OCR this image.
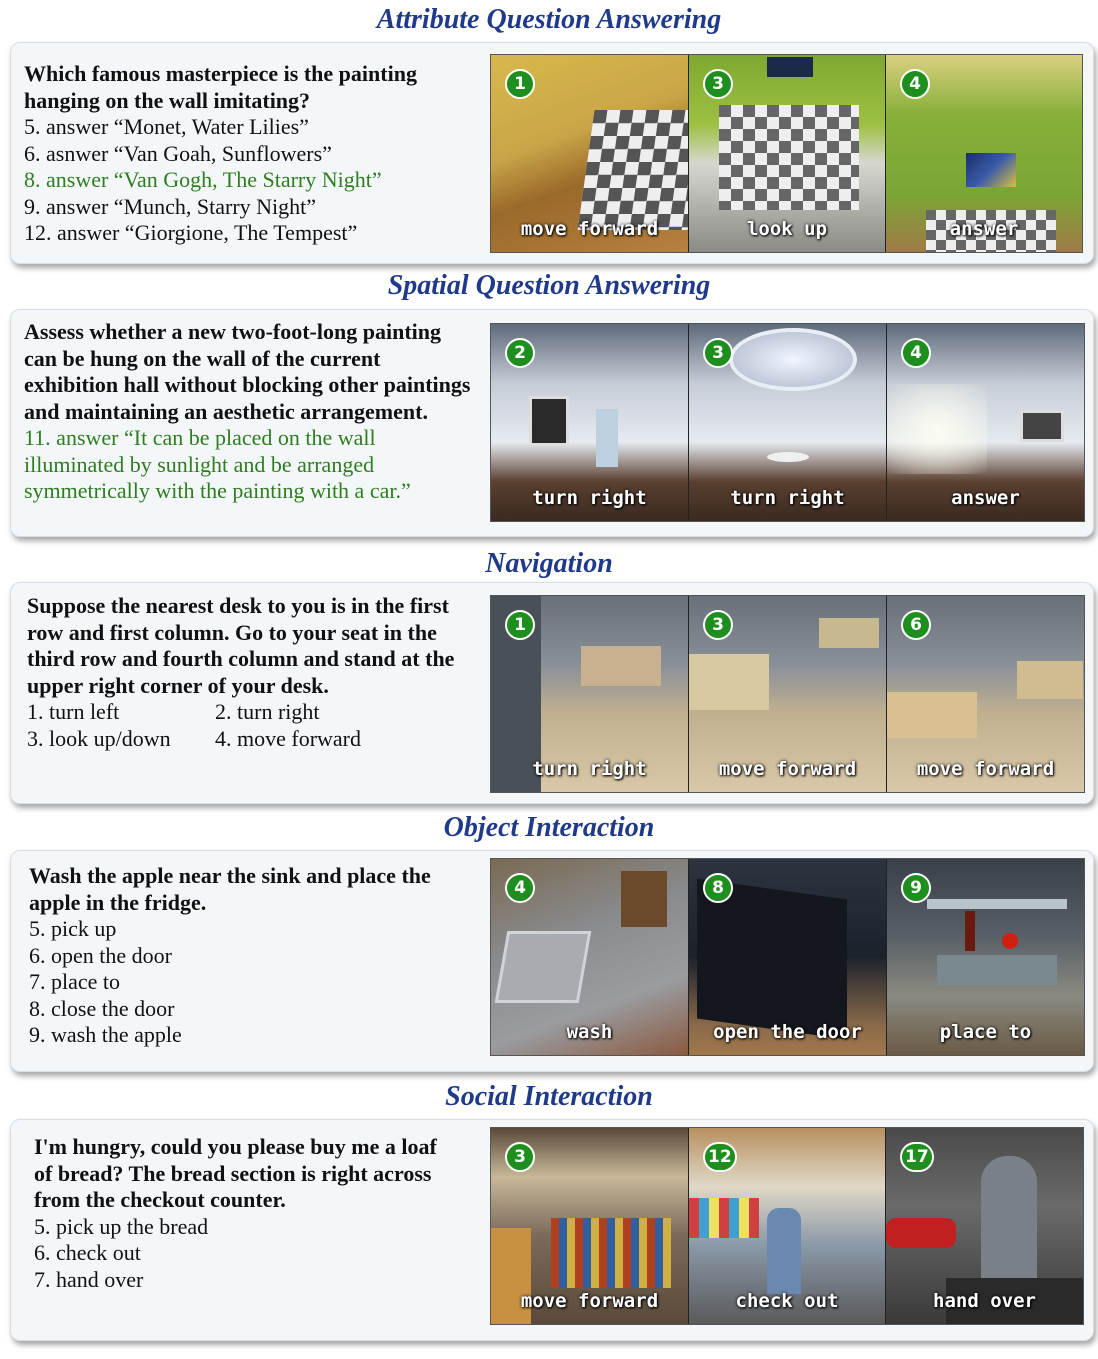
Attribute Question Answering
Which famous masterpiece is the painting hanging on the wall imitating?
5. answer “Monet, Water Lilies”
6. asnwer “Van Goah, Sunflowers”
8. answer “Van Gogh, The Starry Night”
9. answer “Munch, Starry Night”
12. answer “Giorgione, The Tempest”
1
move forward
3
look up
4
answer
Spatial Question Answering
Assess whether a new two-foot-long painting can be hung on the wall of the current exhibition hall without blocking other paintings and maintaining an aesthetic arrangement.
11. answer “It can be placed on the wall illuminated by sunlight and be arranged symmetrically with the painting with a car.”
2
turn right
3
turn right
4
answer
Navigation
Suppose the nearest desk to you is in the first row and first column. Go to your seat in the third row and fourth column and stand at the upper right corner of your desk.
1. turn left	2. turn right
3. look up/down	4. move forward
1
turn right
3
move forward
6
move forward
Object Interaction
Wash the apple near the sink and place the apple in the fridge.
5. pick up
6. open the door
7. place to
8. close the door
9. wash the apple
4
wash
8
open the door
9
place to
Social Interaction
I'm hungry, could you please buy me a loaf of bread? The bread section is right across from the checkout counter.
5. pick up the bread
6. check out
7. hand over
3
move forward
12
check out
17
hand over
